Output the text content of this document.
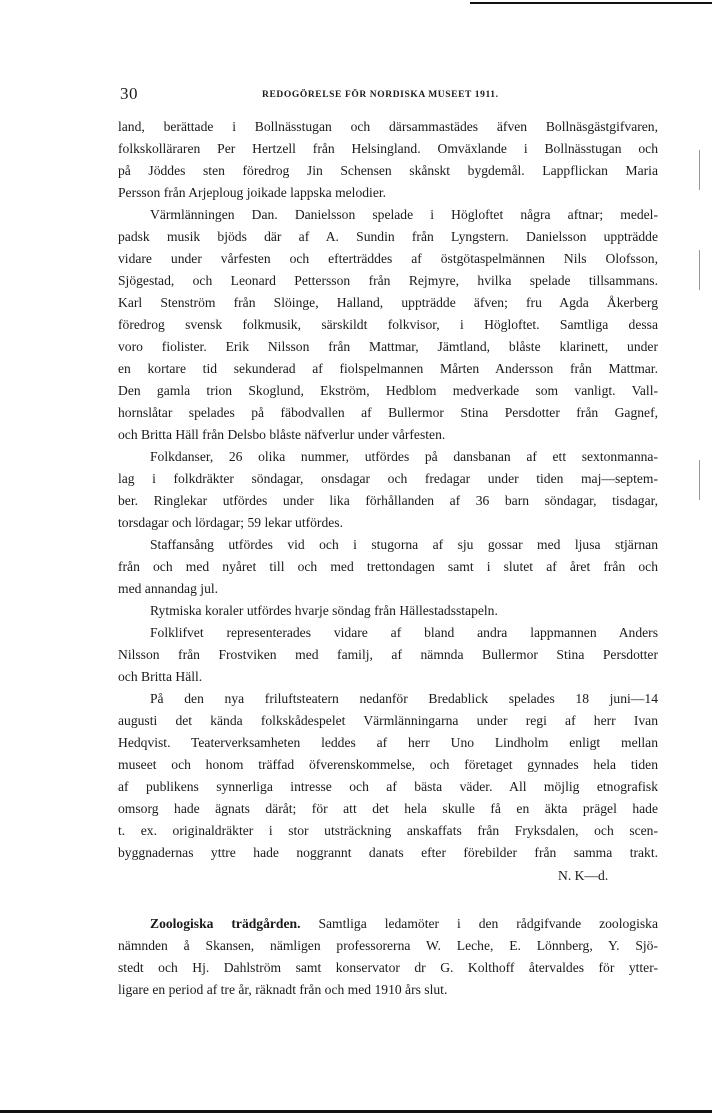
30	REDOGÖRELSE FÖR NORDISKA MUSEET 1911.
land, berättade i Bollnässtugan och därsammastädes äfven Bollnäsgästgifvaren,
folkskolläraren Per Hertzell från Helsingland. Omväxlande i Bollnässtugan och
på Jöddes sten föredrog Jin Schensen skånskt bygdemål. Lappflickan Maria
Persson från Arjeploug joikade lappska melodier.
Värmlänningen Dan. Danielsson spelade i Högloftet några aftnar; medel-
padsk musik bjöds där af A. Sundin från Lyngstern. Danielsson uppträdde
vidare under vårfesten och efterträddes af östgötaspelmännen Nils Olofsson,
Sjögestad, och Leonard Pettersson från Rejmyre, hvilka spelade tillsammans.
Karl Stenström från Slöinge, Halland, uppträdde äfven; fru Agda Åkerberg
föredrog svensk folkmusik, särskildt folkvisor, i Högloftet. Samtliga dessa
voro fiolister. Erik Nilsson från Mattmar, Jämtland, blåste klarinett, under
en kortare tid sekunderad af fiolspelmannen Mårten Andersson från Mattmar.
Den gamla trion Skoglund, Ekström, Hedblom medverkade som vanligt. Vall-
hornslåtar spelades på fäbodvallen af Bullermor Stina Persdotter från Gagnef,
och Britta Häll från Delsbo blåste näfverlur under vårfesten.
Folkdanser, 26 olika nummer, utfördes på dansbanan af ett sextonmanna-
lag i folkdräkter söndagar, onsdagar och fredagar under tiden maj—septem-
ber. Ringlekar utfördes under lika förhållanden af 36 barn söndagar, tisdagar,
torsdagar och lördagar; 59 lekar utfördes.
Staffansång utfördes vid och i stugorna af sju gossar med ljusa stjärnan
från och med nyåret till och med trettondagen samt i slutet af året från och
med annandag jul.
Rytmiska koraler utfördes hvarje söndag från Hällestadsstapeln.
Folklifvet representerades vidare af bland andra lappmannen Anders
Nilsson från Frostviken med familj, af nämnda Bullermor Stina Persdotter
och Britta Häll.
På den nya friluftsteatern nedanför Bredablick spelades 18 juni—14
augusti det kända folkskådespelet Värmlänningarna under regi af herr Ivan
Hedqvist. Teaterverksamheten leddes af herr Uno Lindholm enligt mellan
museet och honom träffad öfverenskommelse, och företaget gynnades hela tiden
af publikens synnerliga intresse och af bästa väder. All möjlig etnografisk
omsorg hade ägnats däråt; för att det hela skulle få en äkta prägel hade
t. ex. originaldräkter i stor utsträckning anskaffats från Fryksdalen, och scen-
byggnadernas yttre hade noggrannt danats efter förebilder från samma trakt.
N. K—d.
Zoologiska trädgården. Samtliga ledamöter i den rådgifvande zoologiska
nämnden å Skansen, nämligen professorerna W. Leche, E. Lönnberg, Y. Sjö-
stedt och Hj. Dahlström samt konservator dr G. Kolthoff återvaldes för ytter-
ligare en period af tre år, räknadt från och med 1910 års slut.
